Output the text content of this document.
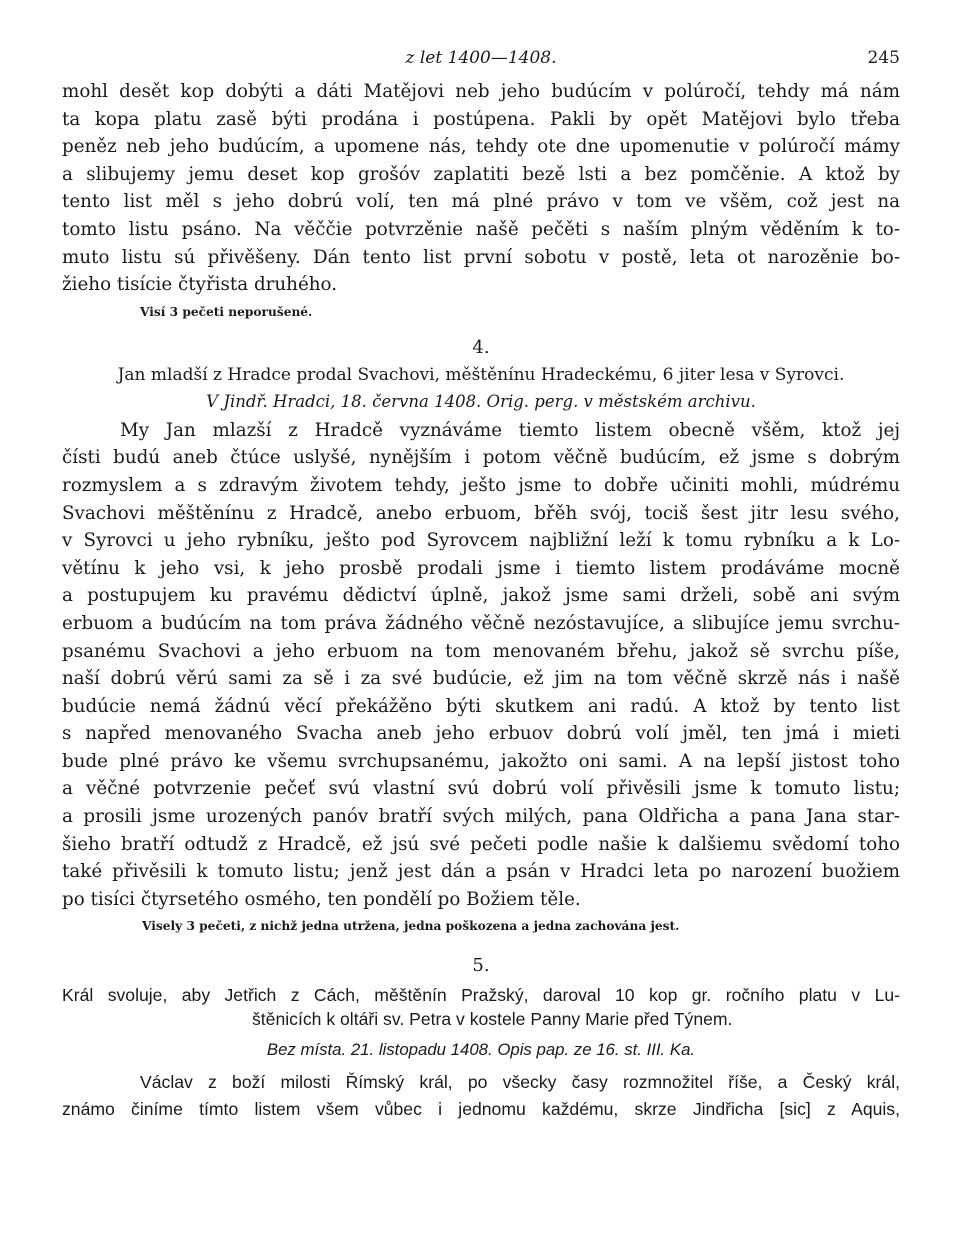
z let 1400—1408.	245
mohl desět kop dobýti a dáti Matějovi neb jeho budúcím v polúročí, tehdy má nám
ta kopa platu zasě býti prodána i postúpena. Pakli by opět Matějovi bylo třeba
peněz neb jeho budúcím, a upomene nás, tehdy ote dne upomenutie v polúročí mámy
a slibujemy jemu deset kop grošóv zaplatiti bezě lsti a bez pomčěnie. A ktož by
tento list měl s jeho dobrú volí, ten má plné právo v tom ve všěm, což jest na
tomto listu psáno. Na věččie potvrzěnie našě pečěti s naším plným věděním k to-
muto listu sú přivěšeny. Dán tento list první sobotu v postě, leta ot narozěnie bo-
žieho tisície čtyřista druhého.
Visí 3 pečeti neporušené.
4.
Jan mladší z Hradce prodal Svachovi, měštěnínu Hradeckému, 6 jiter lesa v Syrovci.
V Jindř. Hradci, 18. června 1408. Orig. perg. v městském archivu.
My Jan mlazší z Hradcě vyznáváme tiemto listem obecně všěm, ktož jej
čísti budú aneb čtúce uslyšé, nynějším i potom věčně budúcím, ež jsme s dobrým
rozmyslem a s zdravým životem tehdy, ješto jsme to dobře učiniti mohli, múdrému
Svachovi měštěnínu z Hradcě, anebo erbuom, břěh svój, tociš šest jitr lesu svého,
v Syrovci u jeho rybníku, ješto pod Syrovcem najbližní leží k tomu rybníku a k Lo-
větínu k jeho vsi, k jeho prosbě prodali jsme i tiemto listem prodáváme mocně
a postupujem ku pravému dědictví úplně, jakož jsme sami drželi, sobě ani svým
erbuom a budúcím na tom práva žádného věčně nezóstavujíce, a slibujíce jemu svrchu-
psanému Svachovi a jeho erbuom na tom menovaném břehu, jakož sě svrchu píše,
naší dobrú věrú sami za sě i za své budúcie, ež jim na tom věčně skrzě nás i našě
budúcie nemá žádnú věcí překážěno býti skutkem ani radú. A ktož by tento list
s napřed menovaného Svacha aneb jeho erbuov dobrú volí jměl, ten jmá i mieti
bude plné právo ke všemu svrchupsanému, jakožto oni sami. A na lepší jistost toho
a věčné potvrzenie pečeť svú vlastní svú dobrú volí přivěsili jsme k tomuto listu;
a prosili jsme urozených panóv bratří svých milých, pana Oldřicha a pana Jana star-
šieho bratří odtudž z Hradcě, ež jsú své pečeti podle našie k dalšiemu svědomí toho
také přivěsili k tomuto listu; jenž jest dán a psán v Hradci leta po narození buožiem
po tisíci čtyrsetého osmého, ten pondělí po Božiem těle.
Visely 3 pečeti, z nichž jedna utržena, jedna poškozena a jedna zachována jest.
5.
Král svoluje, aby Jetřich z Cách, měštěnín Pražský, daroval 10 kop gr. ročního platu v Lu-
štěnicích k oltáři sv. Petra v kostele Panny Marie před Týnem.
Bez místa. 21. listopadu 1408. Opis pap. ze 16. st. III. Ka.
Václav z boží milosti Římský král, po všecky časy rozmnožitel říše, a Český král,
známo činíme tímto listem všem vůbec i jednomu každému, skrze Jindřicha [sic] z Aquis,
